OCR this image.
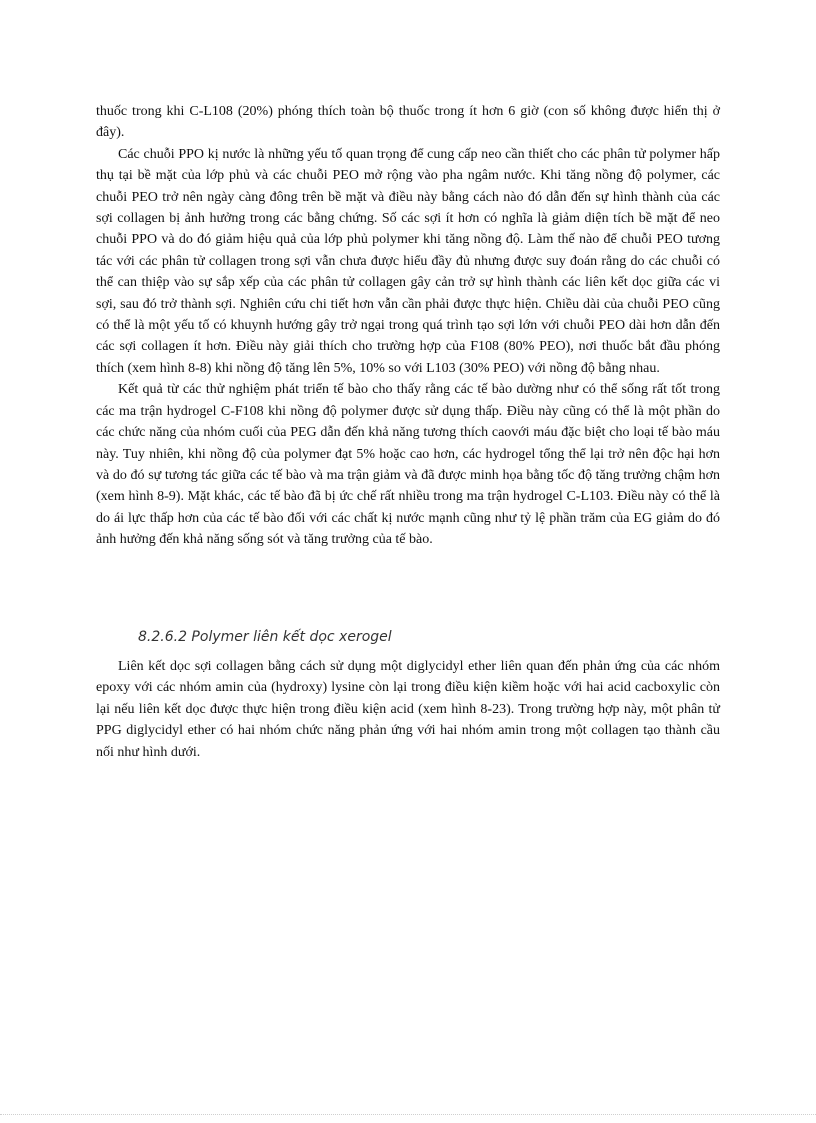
thuốc trong khi C-L108 (20%) phóng thích toàn bộ thuốc trong ít hơn 6 giờ (con số không được hiển thị ở đây).

Các chuỗi PPO kị nước là những yếu tố quan trọng để cung cấp neo cần thiết cho các phân tử polymer hấp thụ tại bề mặt của lớp phủ và các chuỗi PEO mở rộng vào pha ngâm nước. Khi tăng nồng độ polymer, các chuỗi PEO trở nên ngày càng đông trên bề mặt và điều này bằng cách nào đó dẫn đến sự hình thành của các sợi collagen bị ảnh hưởng trong các bằng chứng. Số các sợi ít hơn có nghĩa là giảm diện tích bề mặt để neo chuỗi PPO và do đó giảm hiệu quả của lớp phủ polymer khi tăng nồng độ. Làm thế nào để chuỗi PEO tương tác với các phân tử collagen trong sợi vẫn chưa được hiểu đầy đủ nhưng được suy đoán rằng do các chuỗi có thể can thiệp vào sự sắp xếp của các phân tử collagen gây cản trở sự hình thành các liên kết dọc giữa các vi sợi, sau đó trở thành sợi. Nghiên cứu chi tiết hơn vẫn cần phải được thực hiện. Chiều dài của chuỗi PEO cũng có thể là một yếu tố có khuynh hướng gây trở ngại trong quá trình tạo sợi lớn với chuỗi PEO dài hơn dẫn đến các sợi collagen ít hơn. Điều này giải thích cho trường hợp của F108 (80% PEO), nơi thuốc bắt đầu phóng thích (xem hình 8-8) khi nồng độ tăng lên 5%, 10% so với L103 (30% PEO) với nồng độ bằng nhau.

Kết quả từ các thử nghiệm phát triển tế bào cho thấy rằng các tế bào dường như có thể sống rất tốt trong các ma trận hydrogel C-F108 khi nồng độ polymer được sử dụng thấp. Điều này cũng có thể là một phần do các chức năng của nhóm cuối của PEG dẫn đến khả năng tương thích caovới máu đặc biệt cho loại tế bào máu này. Tuy nhiên, khi nồng độ của polymer đạt 5% hoặc cao hơn, các hydrogel tổng thể lại trở nên độc hại hơn và do đó sự tương tác giữa các tế bào và ma trận giảm và đã được minh họa bằng tốc độ tăng trưởng chậm hơn (xem hình 8-9). Mặt khác, các tế bào đã bị ức chế rất nhiều trong ma trận hydrogel C-L103. Điều này có thể là do ái lực thấp hơn của các tế bào đối với các chất kị nước mạnh cũng như tỷ lệ phần trăm của EG giảm do đó ảnh hưởng đến khả năng sống sót và tăng trưởng của tế bào.

8.2.6.2 Polymer liên kết dọc xerogel

Liên kết dọc sợi collagen bằng cách sử dụng một diglycidyl ether liên quan đến phản ứng của các nhóm epoxy với các nhóm amin của (hydroxy) lysine còn lại trong điều kiện kiềm hoặc với hai acid cacboxylic còn lại nếu liên kết dọc được thực hiện trong điều kiện acid (xem hình 8-23). Trong trường hợp này, một phân tử PPG diglycidyl ether có hai nhóm chức năng phản ứng với hai nhóm amin trong một collagen tạo thành cầu nối như hình dưới.
